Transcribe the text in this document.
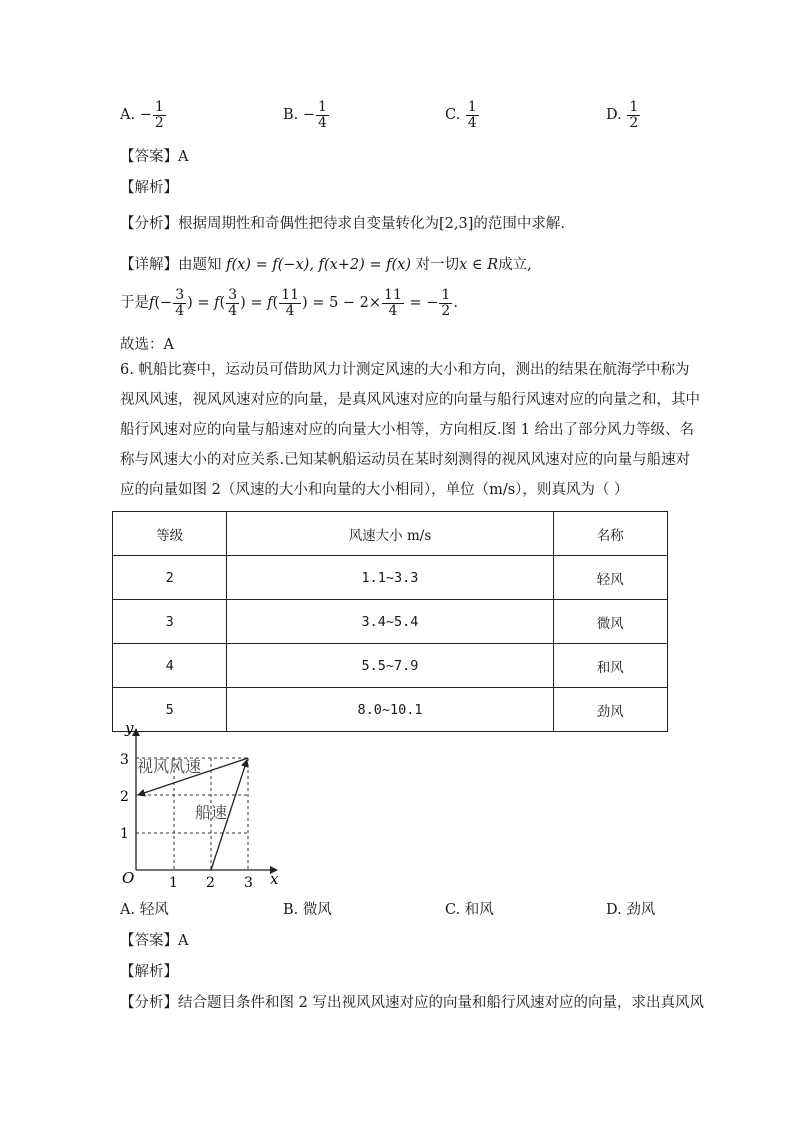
A. − $\frac{1}{2}$	B. − $\frac{1}{4}$	C. $\frac{1}{4}$	D. $\frac{1}{2}$
【答案】A
【解析】
【分析】根据周期性和奇偶性把待求自变量转化为[2,3]的范围中求解.
【详解】由题知 f(x) = f(−x), f(x+2) = f(x) 对一切x ∈ R成立,
于是$f(- \frac{3}{4}$ ) = $f( \frac{3}{4}$ ) = $f( \frac{11}{4}$ ) = $5 - 2\times \frac{11}{4}$ = − $\frac{1}{2}$ .
故选：A
6. 帆船比赛中，运动员可借助风力计测定风速的大小和方向，测出的结果在航海学中称为
视风风速，视风风速对应的向量，是真风风速对应的向量与船行风速对应的向量之和，其中
船行风速对应的向量与船速对应的向量大小相等，方向相反.图 1 给出了部分风力等级、名
称与风速大小的对应关系.已知某帆船运动员在某时刻测得的视风风速对应的向量与船速对
应的向量如图 2（风速的大小和向量的大小相同），单位（m/s），则真风为（ ）
等级	风速大小 m/s	名称
2	1.1~3.3	轻风
3	3.4~5.4	微风
4	5.5~7.9	和风
5	8.0~10.1	劲风
y
x
O 1 2 3
1
2
3 视风风速
船速
A. 轻风	B. 微风	C. 和风	D. 劲风
【答案】A
【解析】
【分析】结合题目条件和图 2 写出视风风速对应的向量和船行风速对应的向量，求出真风风
